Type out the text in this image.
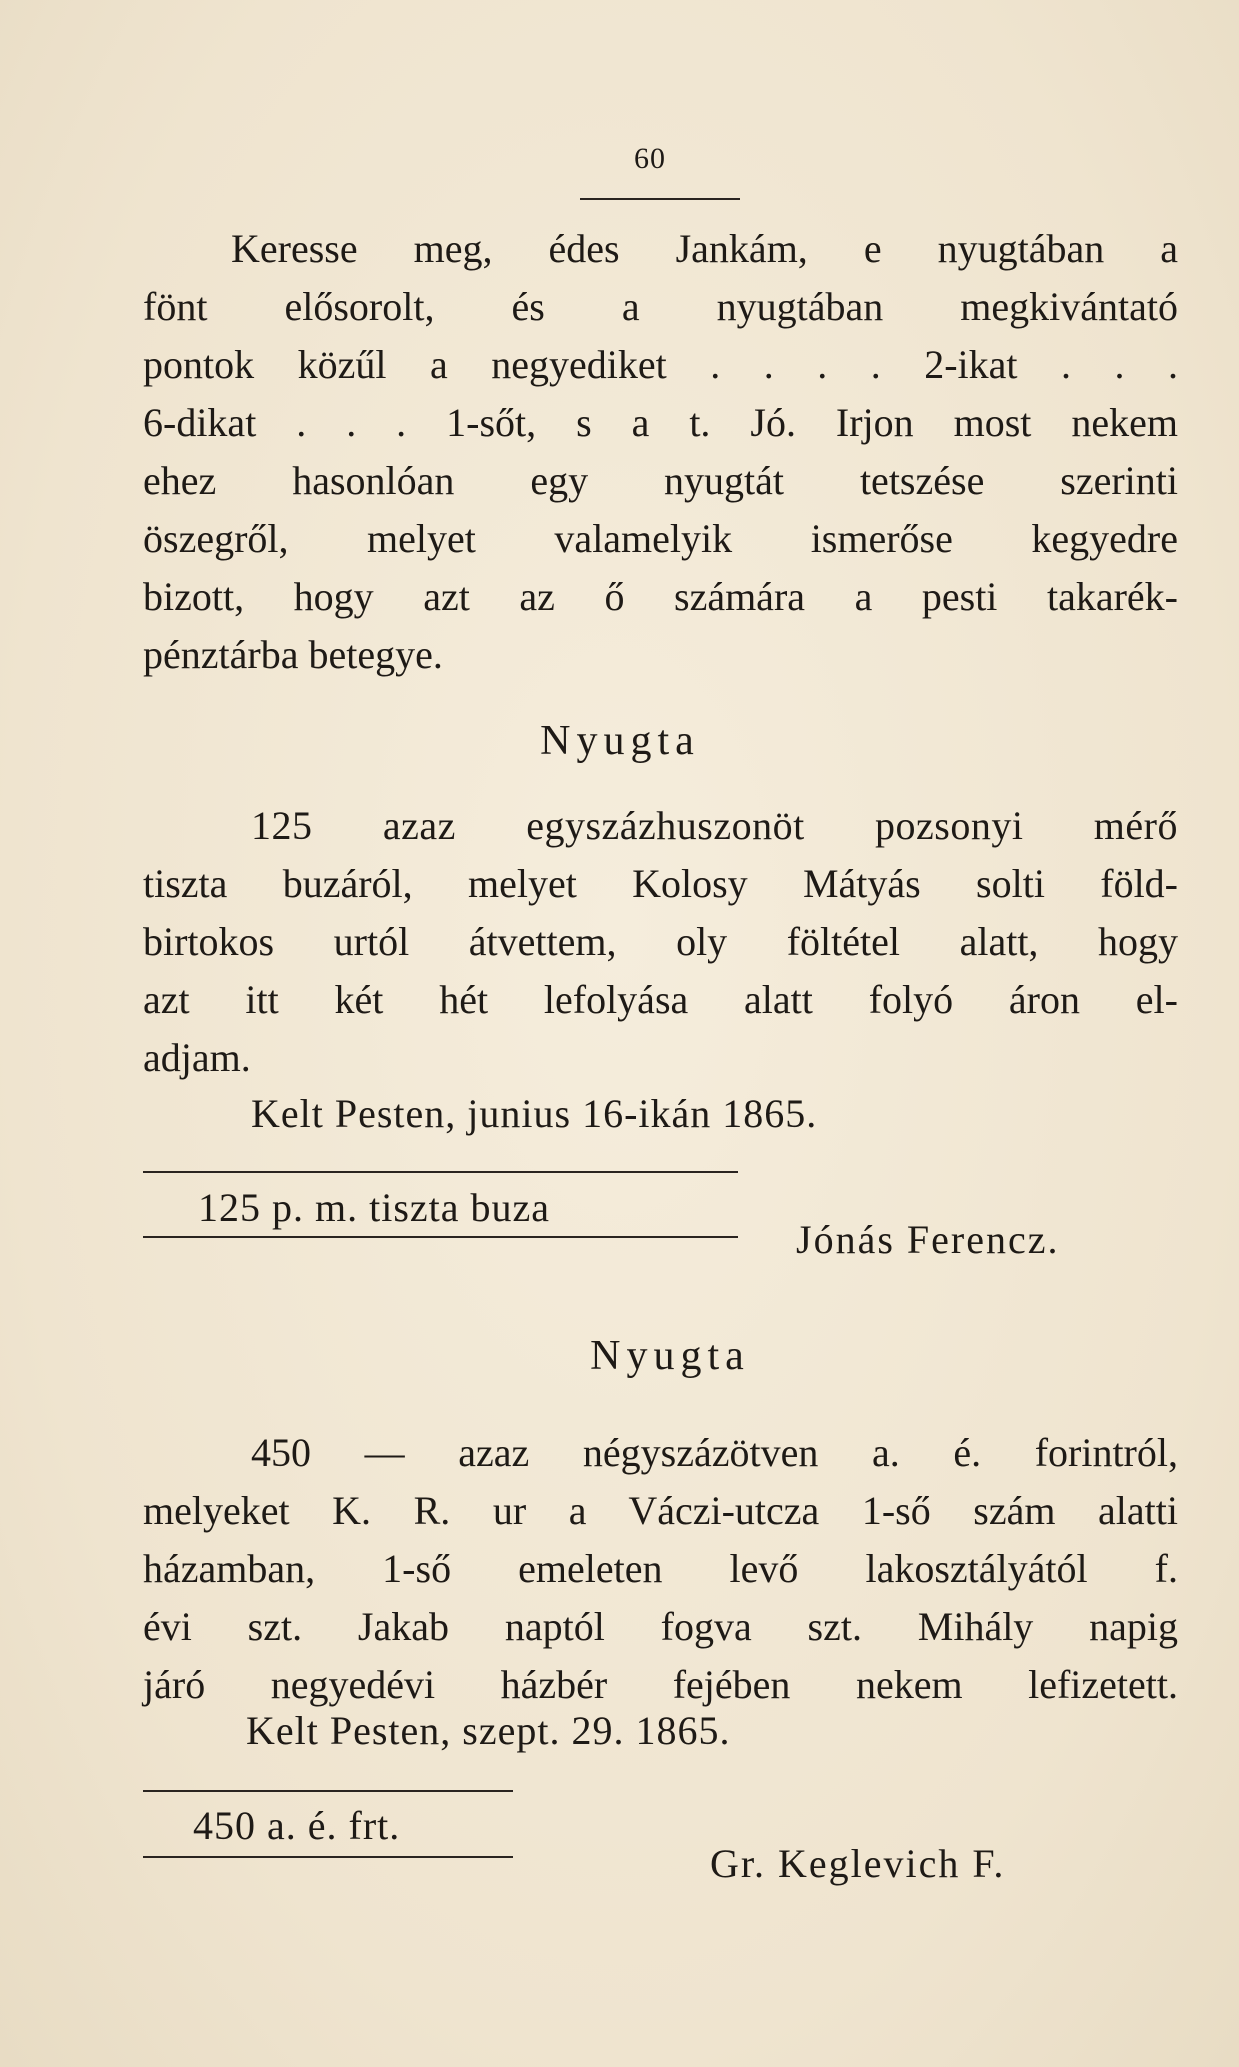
60
Keresse meg, édes Jankám, e nyugtában a
fönt elősorolt, és a nyugtában megkivántató
pontok közűl a negyediket . . . . 2-ikat . . .
6-dikat . . . 1-sőt, s a t. Jó. Irjon most nekem
ehez hasonlóan egy nyugtát tetszése szerinti
öszegről, melyet valamelyik ismerőse kegyedre
bizott, hogy azt az ő számára a pesti takarék-
pénztárba betegye.
Nyugta
125 azaz egyszázhuszonöt pozsonyi mérő
tiszta buzáról, melyet Kolosy Mátyás solti föld-
birtokos urtól átvettem, oly föltétel alatt, hogy
azt itt két hét lefolyása alatt folyó áron el-
adjam.
Kelt Pesten, junius 16-ikán 1865.
125 p. m. tiszta buza
Jónás Ferencz.
Nyugta
450 — azaz négyszázötven a. é. forintról,
melyeket K. R. ur a Váczi-utcza 1-ső szám alatti
házamban, 1-ső emeleten levő lakosztályától f.
évi szt. Jakab naptól fogva szt. Mihály napig
járó negyedévi házbér fejében nekem lefizetett.
Kelt Pesten, szept. 29. 1865.
450 a. é. frt.
Gr. Keglevich F.
